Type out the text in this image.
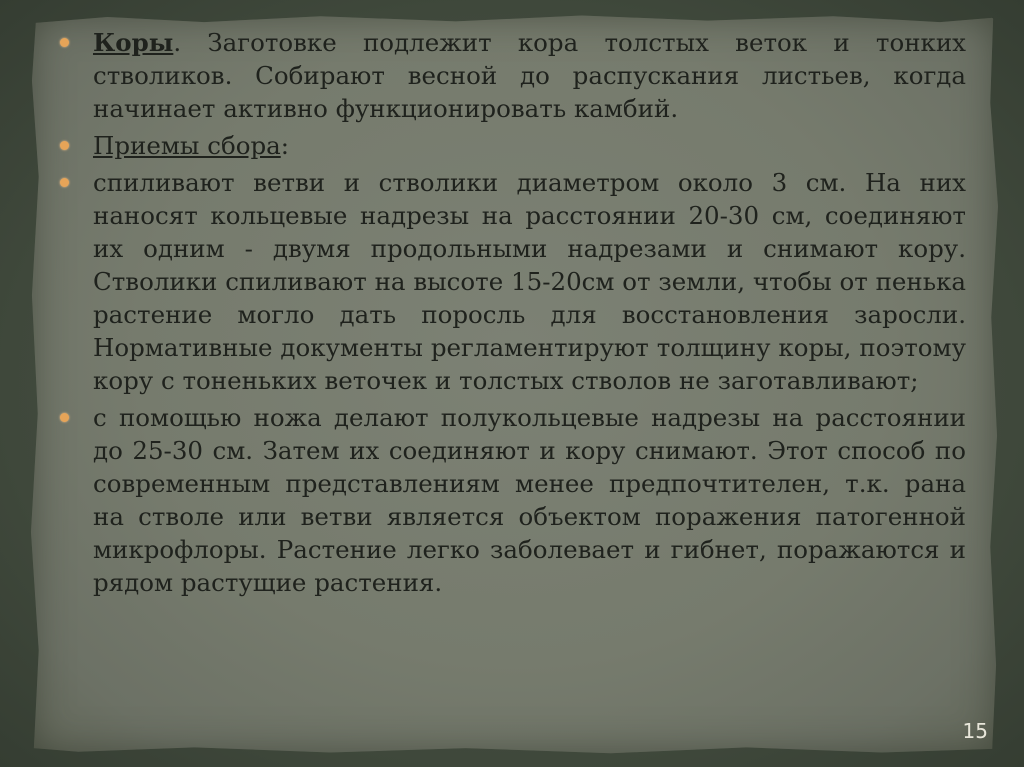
Коры. Заготовке подлежит кора толстых веток и тонких стволиков. Собирают весной до распускания листьев, когда начинает активно функционировать камбий.
Приемы сбора:
спиливают ветви и стволики диаметром около 3 см. На них наносят кольцевые надрезы на расстоянии 20-30 см, соединяют их одним - двумя продольными надрезами и снимают кору. Стволики спиливают на высоте 15-20см от земли, чтобы от пенька растение могло дать поросль для восстановления заросли. Нормативные документы регламентируют толщину коры, поэтому кору с тоненьких веточек и толстых стволов не заготавливают;
с помощью ножа делают полукольцевые надрезы на расстоянии до 25-30 см. Затем их соединяют и кору снимают. Этот способ по современным представлениям менее предпочтителен, т.к. рана на стволе или ветви является объектом поражения патогенной микрофлоры. Растение легко заболевает и гибнет, поражаются и рядом растущие растения.
15
